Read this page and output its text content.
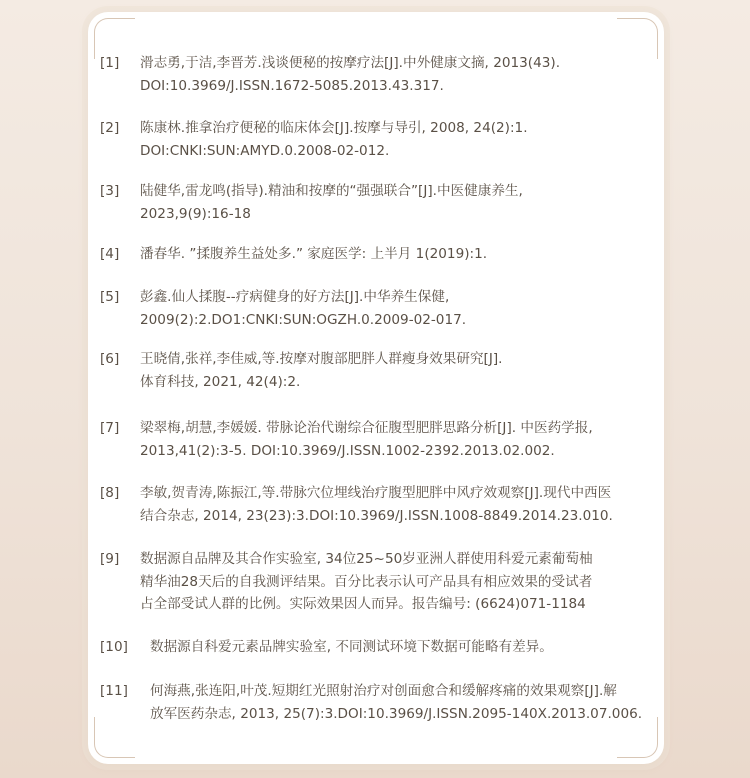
[1] 滑志勇,于洁,李晋芳.浅谈便秘的按摩疗法[J].中外健康文摘, 2013(43).
DOI:10.3969/J.ISSN.1672-5085.2013.43.317.
[2] 陈康林.推拿治疗便秘的临床体会[J].按摩与导引, 2008, 24(2):1.
DOI:CNKI:SUN:AMYD.0.2008-02-012.
[3] 陆健华,雷龙鸣(指导).精油和按摩的“强强联合”[J].中医健康养生,
2023,9(9):16-18
[4] 潘春华. ”揉腹养生益处多.” 家庭医学: 上半月 1(2019):1.
[5] 彭鑫.仙人揉腹--疗病健身的好方法[J].中华养生保健,
2009(2):2.DO1:CNKI:SUN:OGZH.0.2009-02-017.
[6] 王晓倩,张祥,李佳威,等.按摩对腹部肥胖人群瘦身效果研究[J].
体育科技, 2021, 42(4):2.
[7] 梁翠梅,胡慧,李媛媛. 带脉论治代谢综合征腹型肥胖思路分析[J]. 中医药学报,
2013,41(2):3-5. DOI:10.3969/J.ISSN.1002-2392.2013.02.002.
[8] 李敏,贺青涛,陈振江,等.带脉穴位埋线治疗腹型肥胖中风疗效观察[J].现代中西医
结合杂志, 2014, 23(23):3.DOI:10.3969/J.ISSN.1008-8849.2014.23.010.
[9] 数据源自品牌及其合作实验室, 34位25~50岁亚洲人群使用科爱元素葡萄柚
精华油28天后的自我测评结果。百分比表示认可产品具有相应效果的受试者
占全部受试人群的比例。实际效果因人而异。报告编号: (6624)071-1184
[10] 数据源自科爱元素品牌实验室, 不同测试环境下数据可能略有差异。
[11] 何海燕,张连阳,叶茂.短期红光照射治疗对创面愈合和缓解疼痛的效果观察[J].解
放军医药杂志, 2013, 25(7):3.DOI:10.3969/J.ISSN.2095-140X.2013.07.006.
